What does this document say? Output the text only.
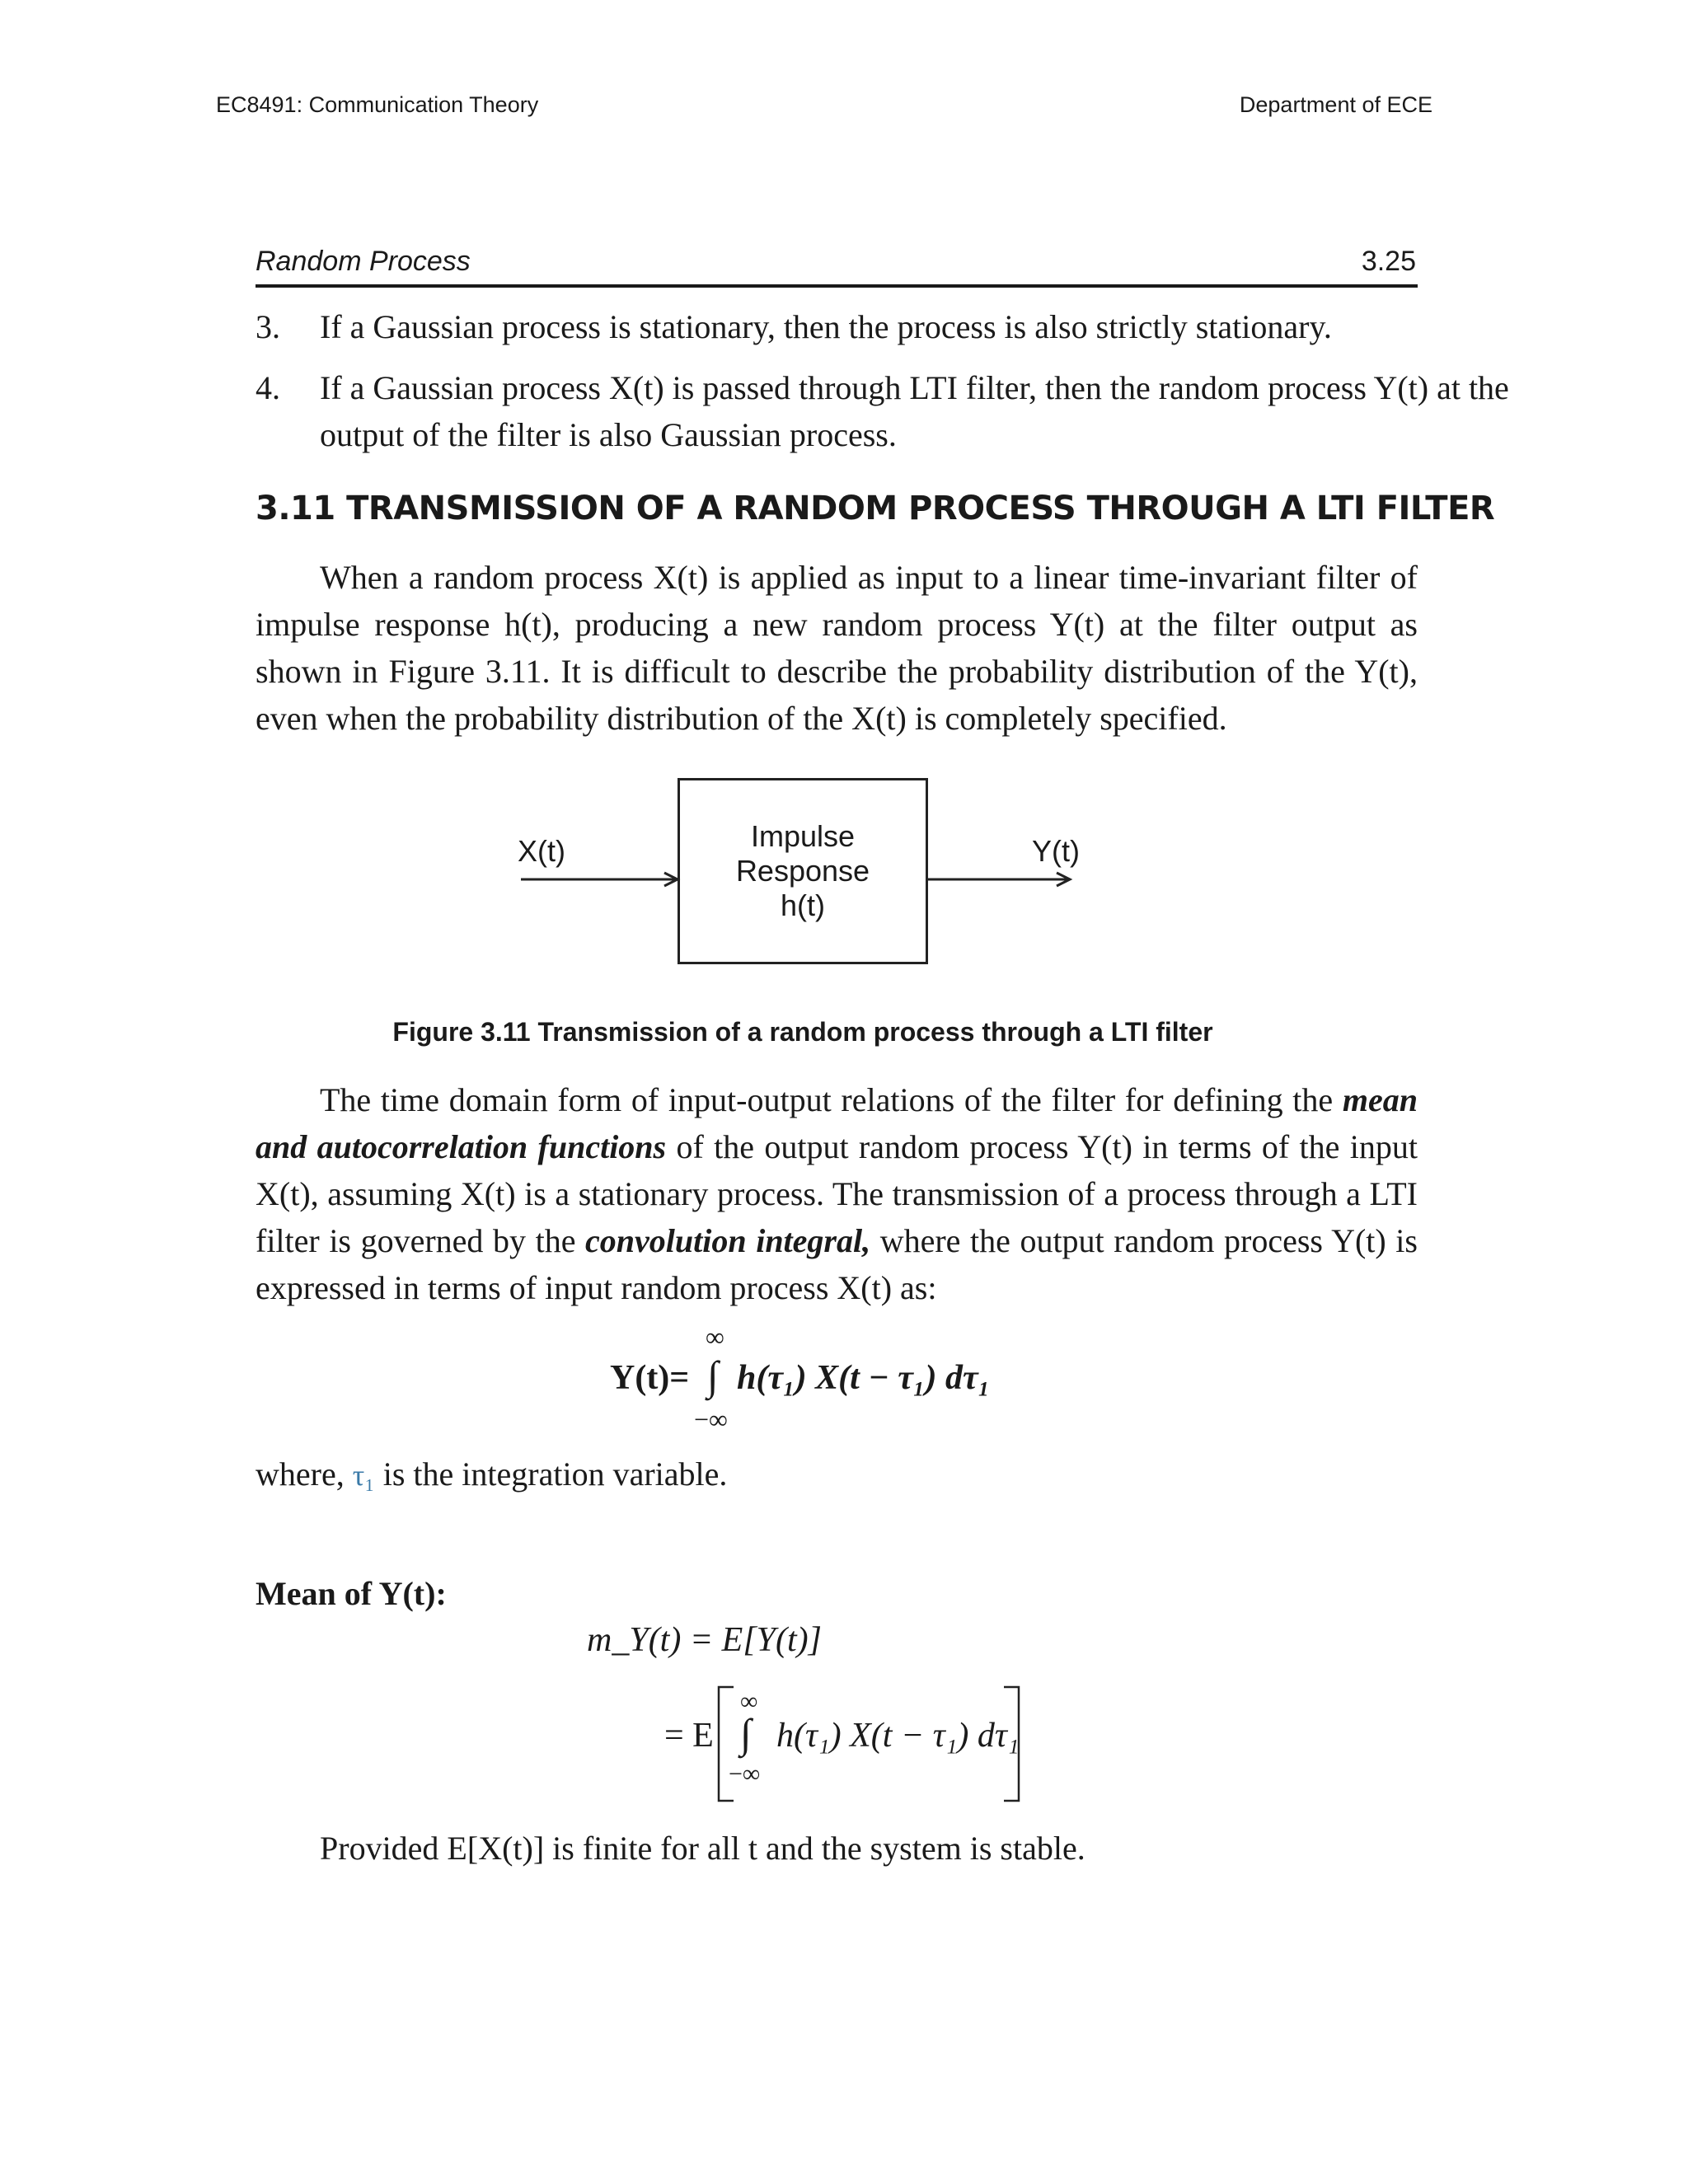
EC8491: Communication Theory	Department of ECE
Random Process	3.25
3. If a Gaussian process is stationary, then the process is also strictly stationary.
4. If a Gaussian process X(t) is passed through LTI filter, then the random process Y(t) at the
output of the filter is also Gaussian process.
3.11 TRANSMISSION OF A RANDOM PROCESS THROUGH A LTI FILTER
When a random process X(t) is applied as input to a linear time-invariant filter of impulse response h(t), producing a new random process Y(t) at the filter output as shown in Figure 3.11. It is difficult to describe the probability distribution of the Y(t), even when the probability distribution of the X(t) is completely specified.
X(t)	Impulse
Response
h(t)
Y(t)
Figure 3.11 Transmission of a random process through a LTI filter
The time domain form of input-output relations of the filter for defining the mean and autocorrelation functions of the output random process Y(t) in terms of the input X(t), assuming X(t) is a stationary process. The transmission of a process through a LTI filter is governed by the convolution integral, where the output random process Y(t) is expressed in terms of input random process X(t) as:
∞
Y(t)= ∫ h(τ₁) X(t − τ₁) dτ₁
−∞
where, τ₁ is the integration variable.
Mean of Y(t):
m_Y(t) = E[Y(t)]
= E
∞
∫ h(τ₁) X(t − τ₁) dτ₁
−∞
Provided E[X(t)] is finite for all t and the system is stable.
